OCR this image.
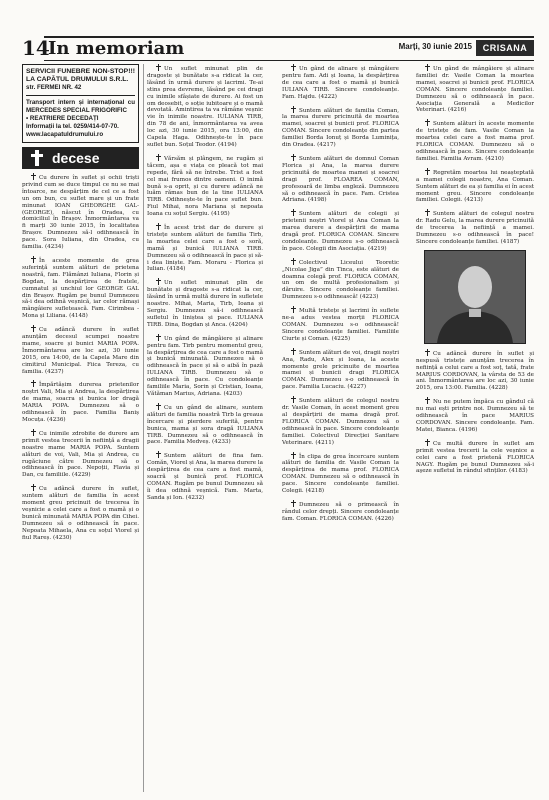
14
In memoriam	Marți, 30 iunie 2015	CRISANA
SERVICII FUNEBRE NON-STOP!!! LA CAPĂTUL DRUMULUI S.R.L.
str. FERMEI NR. 42
Transport intern și internațional cu MERCEDES SPECIAL FRIGORIFIC
• REATRIERE DECEDAȚI
Informații la tel. 0259/414-07-70.
www.lacapatuldrumului.ro
decese
Cu durere în suflet și ochii triști privind cum se duce timpul ce nu se mai întoarce, ne despărțim de cel ce a fost un om bun, cu suflet mare și un frate minunat IOAN GHEORGHE GAL- (GEORGE), născut în Oradea, cu domiciliul în Brașov. Înmormântarea va fi marți 30 iunie 2015, în localitatea Brașov. Dumnezeu să-l odihnească în pace. Sora Iuliana, din Oradea, cu familia. (4234)
În aceste momente de grea suferință suntem alături de prietena noastră, fam. Flămânzi Iuliana, Florin și Bogdan, la despărțirea de fratele, cumnatul și unchiul lor GEORGE GAL din Brașov. Rugăm pe bunul Dumnezeu să-i dea odihnă veșnică, iar celor rămași mângâiere sufletească. Fam. Cirimbea - Mona și Liliana. (4148)
Cu adâncă durere în suflet anunțăm decesul scumpei noastre mame, soacre și bunici MARIA POPA. Înmormântarea are loc azi, 30 iunie 2015, ora 14:00, de la Capela Mare din cimitirul Municipal. Fiica Tereza, cu familia. (4237)
Împărtășim durerea prietenilor noștri Vali, Mia și Andrea, la despărțirea de mama, soacra și bunica lor dragă MARIA POPA. Dumnezeu să o odihnească în pace. Familia Baniș Mocuța. (4236)
Cu inimile zdrobite de durere am primit vestea trecerii în neființă a dragii noastre mame MARIA POPA. Suntem alături de voi, Vali, Mia și Andrea, cu rugăciune către Dumnezeu să o odihnească în pace. Nepoții, Flavia și Dan, cu familiile. (4229)
Cu adâncă durere în suflet, suntem alături de familia în acest moment greu pricinuit de trecerea în veșnicie a celei care a fost o mamă și o bunică minunată MARIA POPA din Cihei. Dumnezeu să o odihnească în pace. Nepoata Mihaela, Ana cu soțul Viorel și fiul Rareș. (4230)
Un suflet minunat plin de dragoste și bunătate s-a ridicat la cer, lăsând în urmă durere și lacrimi. Te-ai stins prea devreme, lăsând pe cei dragi cu inimile sfâșiate de durere. Ai fost un om deosebit, o soție iubitoare și o mamă devotată. Amintirea ta va rămâne veșnic vie în inimile noastre. IULIANA TIRB, din 78 de ani, înmormântarea va avea loc azi, 30 iunie 2015, ora 13:00, din Capela Haga. Odihnește-te în pace suflet bun. Soțul Teodor. (4194)
Vărsăm și plângem, ne rugăm și tăcem, așa e viața ce pleacă tot mai repede, fără să ne întrebe. Trist a fost cel mai frumos dintre oameni. O inimă bună s-a oprit, și cu durere adâncă ne luăm rămas bun de la tine IULIANA TIRB. Odihnește-te în pace suflet bun. Fiul Mihai, nora Mariana și nepoata Ioana cu soțul Sergiu. (4195)
În acest trist dar de durere și tristețe suntem alături de familia Tirb, la moartea celei care a fost o soră, mamă și bunică IULIANA TIRB. Dumnezeu să o odihnească în pace și să-i dea liniște. Fam. Moraru - Florica și Iulian. (4184)
Un suflet minunat plin de bunătate și dragoste s-a ridicat la cer, lăsând în urmă multă durere în sufletele noastre. Mihai, Maria, Tirb, Ioana și Sergiu. Dumnezeu să-i odihnească sufletul în liniștea și pace. IULIANA TIRB. Dina, Bogdan și Anca. (4204)
Un gând de mângâiere și alinare pentru fam. Tirb pentru momentul greu, la despărțirea de cea care a fost o mamă și bunică minunată. Dumnezeu să o odihnească în pace și să o aibă în pază IULIANA TIRB. Dumnezeu să o odihnească în pace. Cu condoleanțe familiile Maria, Sorin și Cristian, Ioana, Vătăman Marius, Adriana. (4203)
Cu un gând de alinare, suntem alături de familia noastră Tirb la greaua încercare și pierdere suferită, pentru bunica, mama și sora dragă IULIANA TIRB. Dumnezeu să o odihnească în pace. Familia Medveș. (4233)
Suntem alături de fina fam. Comăn, Viorel și Ana, la marea durere la despărțirea de cea care a fost mamă, soacră și bunică prof. FLORICA COMAN. Rugăm pe bunul Dumnezeu să îi dea odihnă veșnică. Fam. Marta, Sanda și Ion. (4232)
Un gând de alinare și mângâiere pentru fam. Adi și Ioana, la despărțirea de cea care a fost o mamă și bunică IULIANA TIRB. Sincere condoleanțe. Fam. Hajdu. (4222)
Suntem alături de familia Coman, la marea durere pricinuită de moartea mamei, soacrei și bunicii prof. FLORICA COMAN. Sincere condoleanțe din partea familiei Borda Ionuț și Borda Luminița, din Oradea. (4217)
Suntem alături de domnul Coman Florica și Ana, la marea durere pricinuită de moartea mamei și soacrei dragi prof. FLOAREA COMAN, profesoară de limba engleză. Dumnezeu să o odihnească în pace. Fam. Cristea Adriana. (4198)
Suntem alături de colegii și prietenii noștri Viorel și Ana Coman la marea durere a despărțirii de mama dragă prof. FLORICA COMAN. Sincere condoleanțe. Dumnezeu s-o odihnească în pace. Colegii din Asociația. (4219)
Colectivul Liceului Teoretic „Nicolae Jiga” din Tinca, este alături de doamna colegă prof. FLORICA COMAN, un om de multă profesionalism și dăruire. Sincere condoleanțe familiei. Dumnezeu s-o odihnească! (4223)
Multă tristețe și lacrimi în suflete ne-a adus vestea morții FLORICA COMAN. Dumnezeu s-o odihnească! Sincere condoleanțe familiei. Familiile Ciurte și Coman. (4225)
Suntem alături de voi, dragii noștri Ana, Radu, Alex și Ioana, la aceste momente grele pricinuite de moartea mamei și bunicii dragi FLORICA COMAN. Dumnezeu s-o odihnească în pace. Familia Lucaciu. (4227)
Suntem alături de colegul nostru dr. Vasile Coman, în acest moment greu al despărțirii de mama dragă prof. FLORICA COMAN. Dumnezeu să o odihnească în pace. Sincere condoleanțe familiei. Colectivul Direcției Sanitare Veterinare. (4211)
În clipa de grea încercare suntem alături de familia dr. Vasile Coman la despărțirea de mama prof. FLORICA COMAN. Dumnezeu să o odihnească în pace. Sincere condoleanțe familiei. Colegii. (4218)
Dumnezeu să o primească în rândul celor drepți. Sincere condoleanțe fam. Coman. FLORICA COMAN. (4226)
Un gând de mângâiere și alinare familiei dr. Vasile Coman la moartea mamei, soacrei și bunicii prof. FLORICA COMAN. Sincere condoleanțe familiei. Dumnezeu să o odihnească în pace. Asociația Generală a Medicilor Veterinari. (4216)
Suntem alături în aceste momente de tristețe de fam. Vasile Coman la moartea celei care a fost mama prof. FLORICA COMAN. Dumnezeu să o odihnească în pace. Sincere condoleanțe familiei. Familia Avram. (4210)
Regretăm moartea lui neașteptată a mamei colegii noastre, Ana Coman. Suntem alături de ea și familia ei în acest moment greu. Sincere condoleanțe familiei. Colegii. (4213)
Suntem alături de colegul nostru dr. Radu Gelu, la marea durere pricinuită de trecerea la neființă a mamei. Dumnezeu s-o odihnească în pace! Sincere condoleanțe familiei. (4187)
Cu adâncă durere în suflet și nespusă tristețe anunțăm trecerea în neființă a celui care a fost soț, tată, frate MARIUS CORDOVAN, la vârsta de 53 de ani. Înmormântarea are loc azi, 30 iunie 2015, ora 13:00. Familia. (4228)
Nu ne putem împăca cu gândul că nu mai ești printre noi. Dumnezeu să te odihnească în pace MARIUS CORDOVAN. Sincere condoleanțe. Fam. Matei, Bianca. (4196)
Cu multă durere în suflet am primit vestea trecerii la cele veșnice a celei care a fost prietenă FLORICA NAGY. Rugăm pe bunul Dumnezeu să-i aşeze sufletul în rândul sfinților. (4183)
